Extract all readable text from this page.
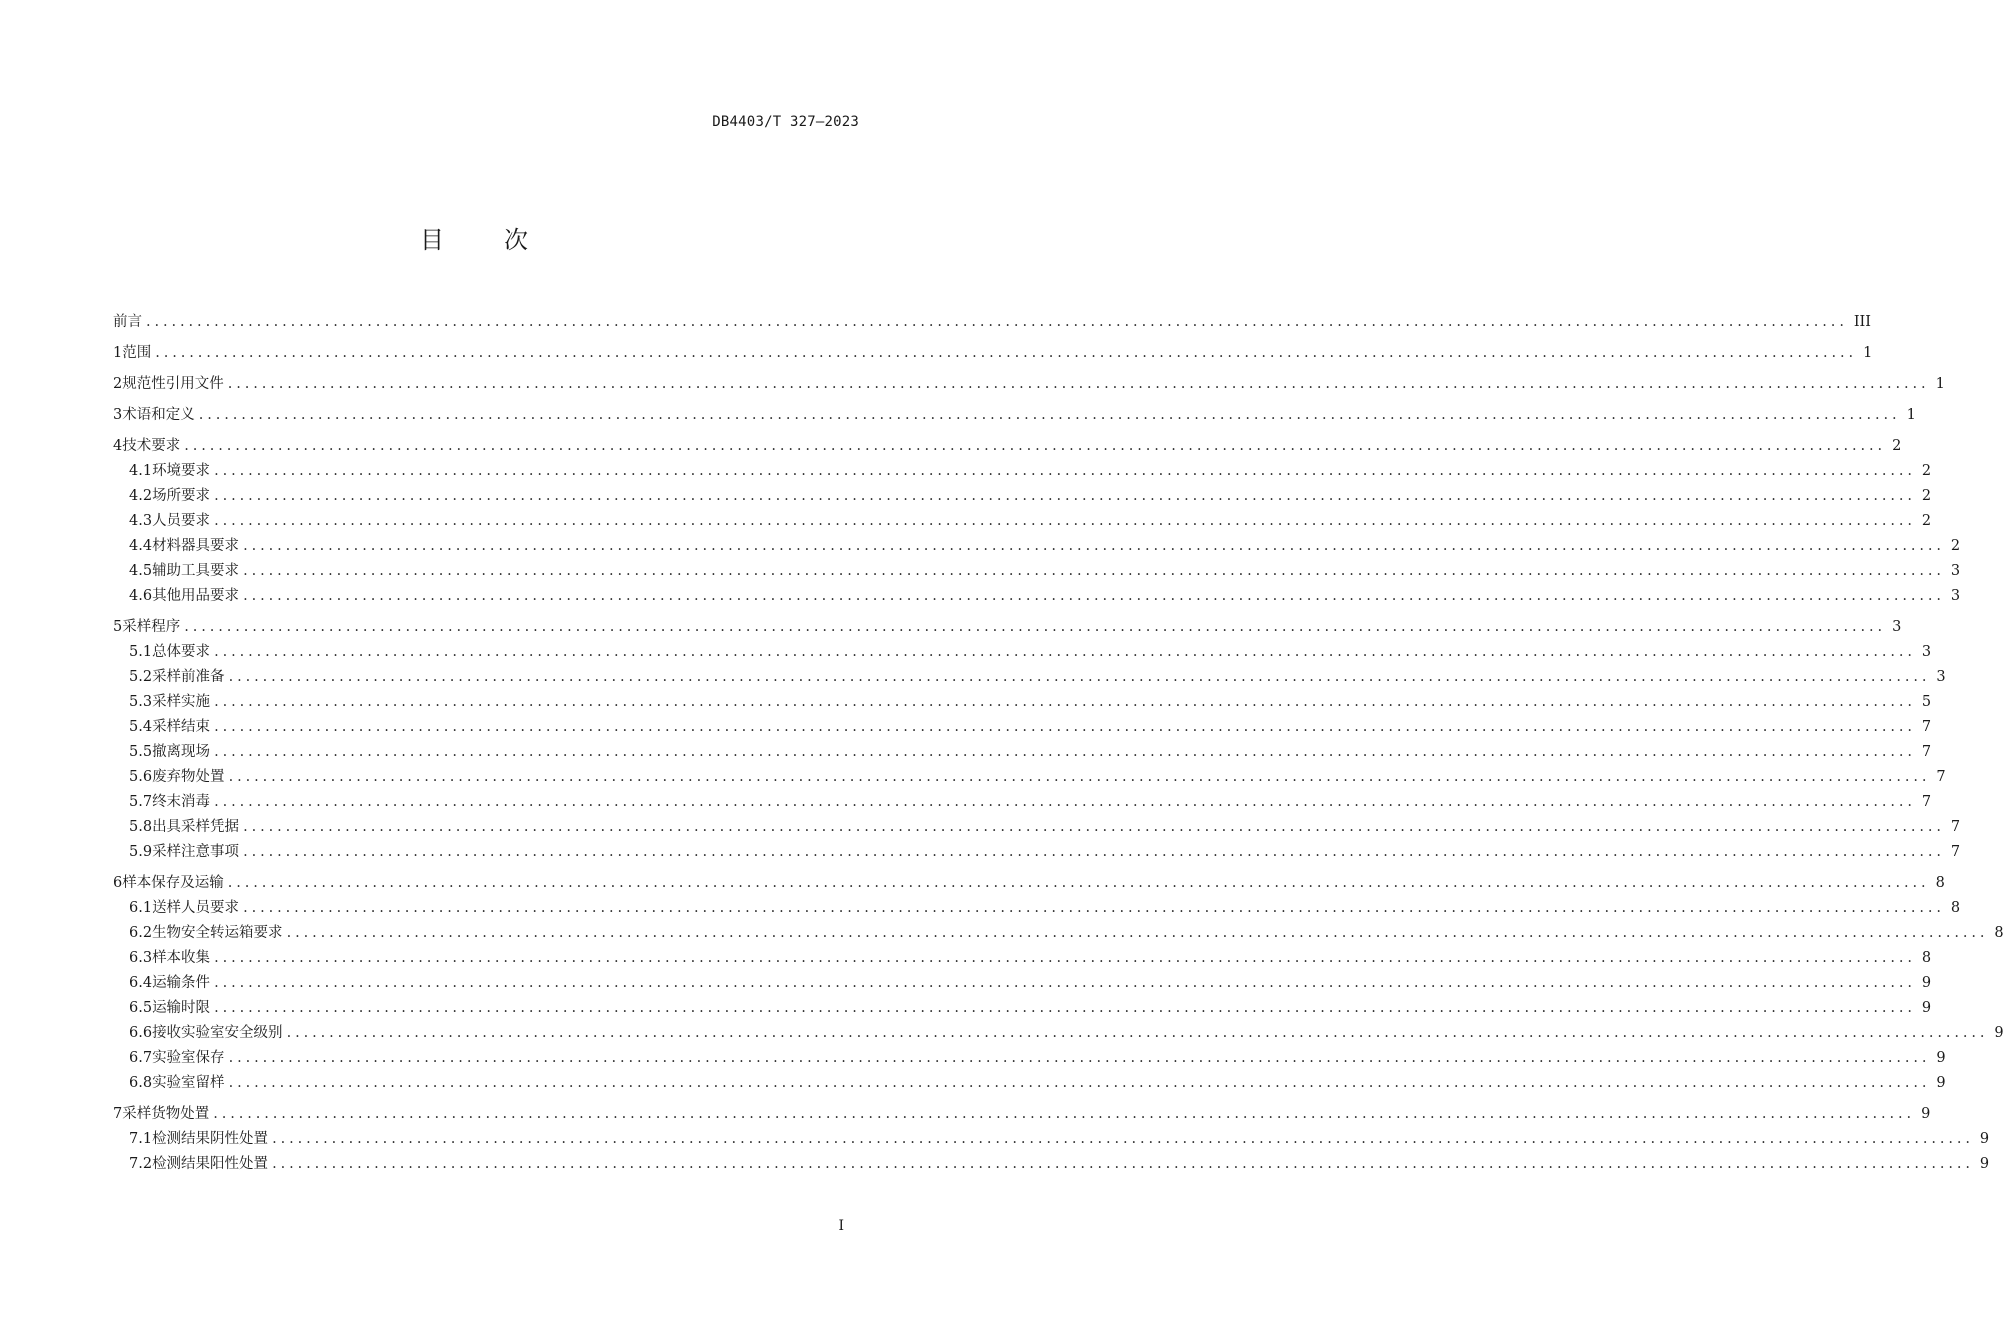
DB4403/T 327—2023
目 次
前言 ........................................................................................................................................................................................................ III
1 范围 ........................................................................................................................................................................................................ 1
2 规范性引用文件 ........................................................................................................................................................................................................ 1
3 术语和定义 ........................................................................................................................................................................................................ 1
4 技术要求 ........................................................................................................................................................................................................ 2
4.1 环境要求 ........................................................................................................................................................................................................ 2
4.2 场所要求 ........................................................................................................................................................................................................ 2
4.3 人员要求 ........................................................................................................................................................................................................ 2
4.4 材料器具要求 ........................................................................................................................................................................................................ 2
4.5 辅助工具要求 ........................................................................................................................................................................................................ 3
4.6 其他用品要求 ........................................................................................................................................................................................................ 3
5 采样程序 ........................................................................................................................................................................................................ 3
5.1 总体要求 ........................................................................................................................................................................................................ 3
5.2 采样前准备 ........................................................................................................................................................................................................ 3
5.3 采样实施 ........................................................................................................................................................................................................ 5
5.4 采样结束 ........................................................................................................................................................................................................ 7
5.5 撤离现场 ........................................................................................................................................................................................................ 7
5.6 废弃物处置 ........................................................................................................................................................................................................ 7
5.7 终末消毒 ........................................................................................................................................................................................................ 7
5.8 出具采样凭据 ........................................................................................................................................................................................................ 7
5.9 采样注意事项 ........................................................................................................................................................................................................ 7
6 样本保存及运输 ........................................................................................................................................................................................................ 8
6.1 送样人员要求 ........................................................................................................................................................................................................ 8
6.2 生物安全转运箱要求 ........................................................................................................................................................................................................ 8
6.3 样本收集 ........................................................................................................................................................................................................ 8
6.4 运输条件 ........................................................................................................................................................................................................ 9
6.5 运输时限 ........................................................................................................................................................................................................ 9
6.6 接收实验室安全级别 ........................................................................................................................................................................................................ 9
6.7 实验室保存 ........................................................................................................................................................................................................ 9
6.8 实验室留样 ........................................................................................................................................................................................................ 9
7 采样货物处置 ........................................................................................................................................................................................................ 9
7.1 检测结果阴性处置 ........................................................................................................................................................................................................ 9
7.2 检测结果阳性处置 ........................................................................................................................................................................................................ 9
I
